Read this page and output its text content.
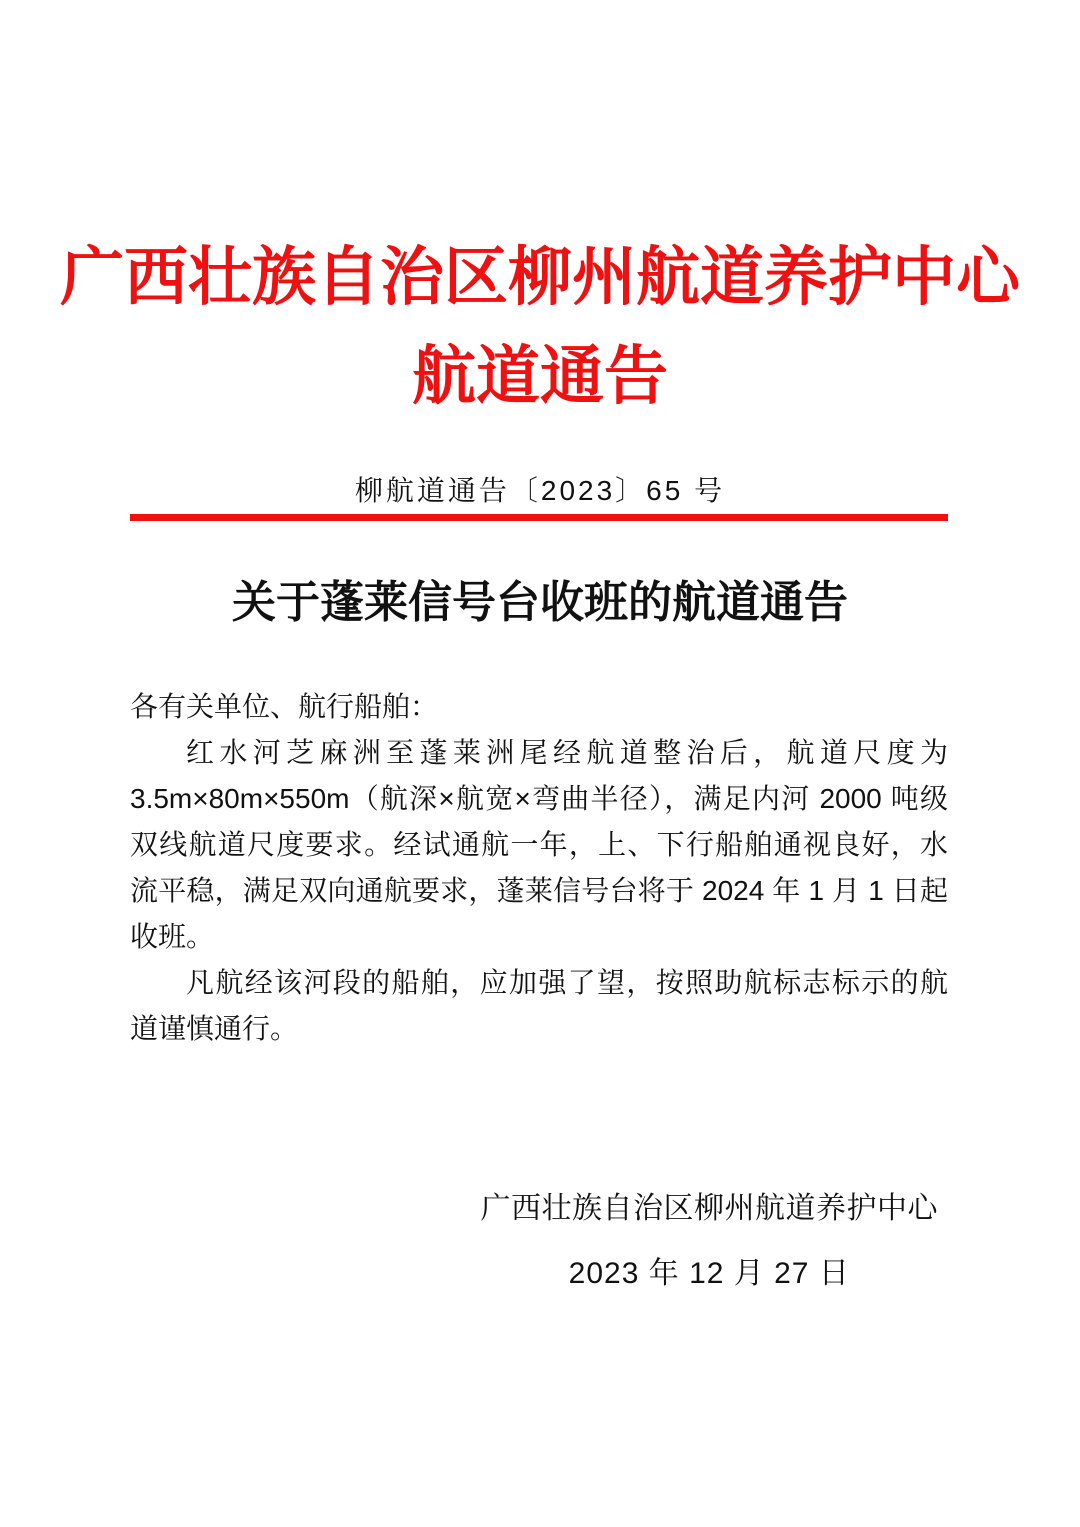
广西壮族自治区柳州航道养护中心
航道通告
柳航道通告〔2023〕65 号
关于蓬莱信号台收班的航道通告
各有关单位、航行船舶：
红水河芝麻洲至蓬莱洲尾经航道整治后，航道尺度为
3.5m×80m×550m（航深×航宽×弯曲半径），满足内河 2000 吨级
双线航道尺度要求。经试通航一年，上、下行船舶通视良好，水
流平稳，满足双向通航要求，蓬莱信号台将于 2024 年 1 月 1 日起
收班。
凡航经该河段的船舶，应加强了望，按照助航标志标示的航
道谨慎通行。
广西壮族自治区柳州航道养护中心
2023 年 12 月 27 日
